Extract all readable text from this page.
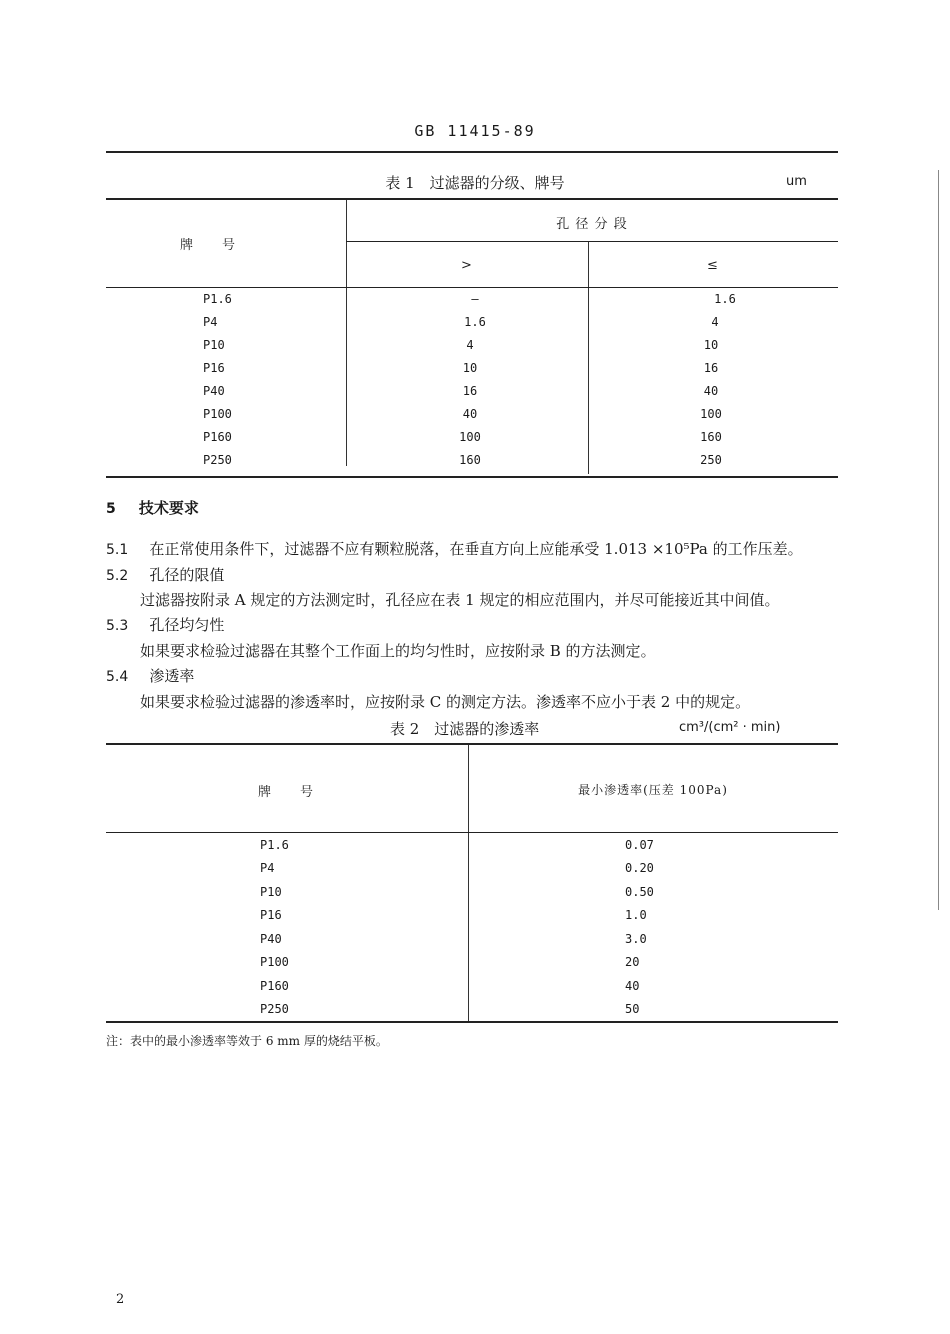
GB 11415-89
表 1　过滤器的分级、牌号	um
牌　　号
孔 径 分 段
>	≤
P1.6	—	1.6
P4	1.6	4
P10	4	10
P16	10	16
P40	16	40
P100	40	100
P160	100	160
P250	160	250
5 技术要求
5.1 在正常使用条件下，过滤器不应有颗粒脱落，在垂直方向上应能承受 1.013 ×10⁵Pa 的工作压差。
5.2 孔径的限值
过滤器按附录 A 规定的方法测定时，孔径应在表 1 规定的相应范围内，并尽可能接近其中间值。
5.3 孔径均匀性
如果要求检验过滤器在其整个工作面上的均匀性时，应按附录 B 的方法测定。
5.4 渗透率
如果要求检验过滤器的渗透率时，应按附录 C 的测定方法。渗透率不应小于表 2 中的规定。
表 2　过滤器的渗透率	cm³/(cm² · min)
牌　　号	最小渗透率(压差 100Pa)
P1.6	0.07
P4	0.20
P10	0.50
P16	1.0
P40	3.0
P100	20
P160	40
P250	50
注：表中的最小渗透率等效于 6 mm 厚的烧结平板。
2
